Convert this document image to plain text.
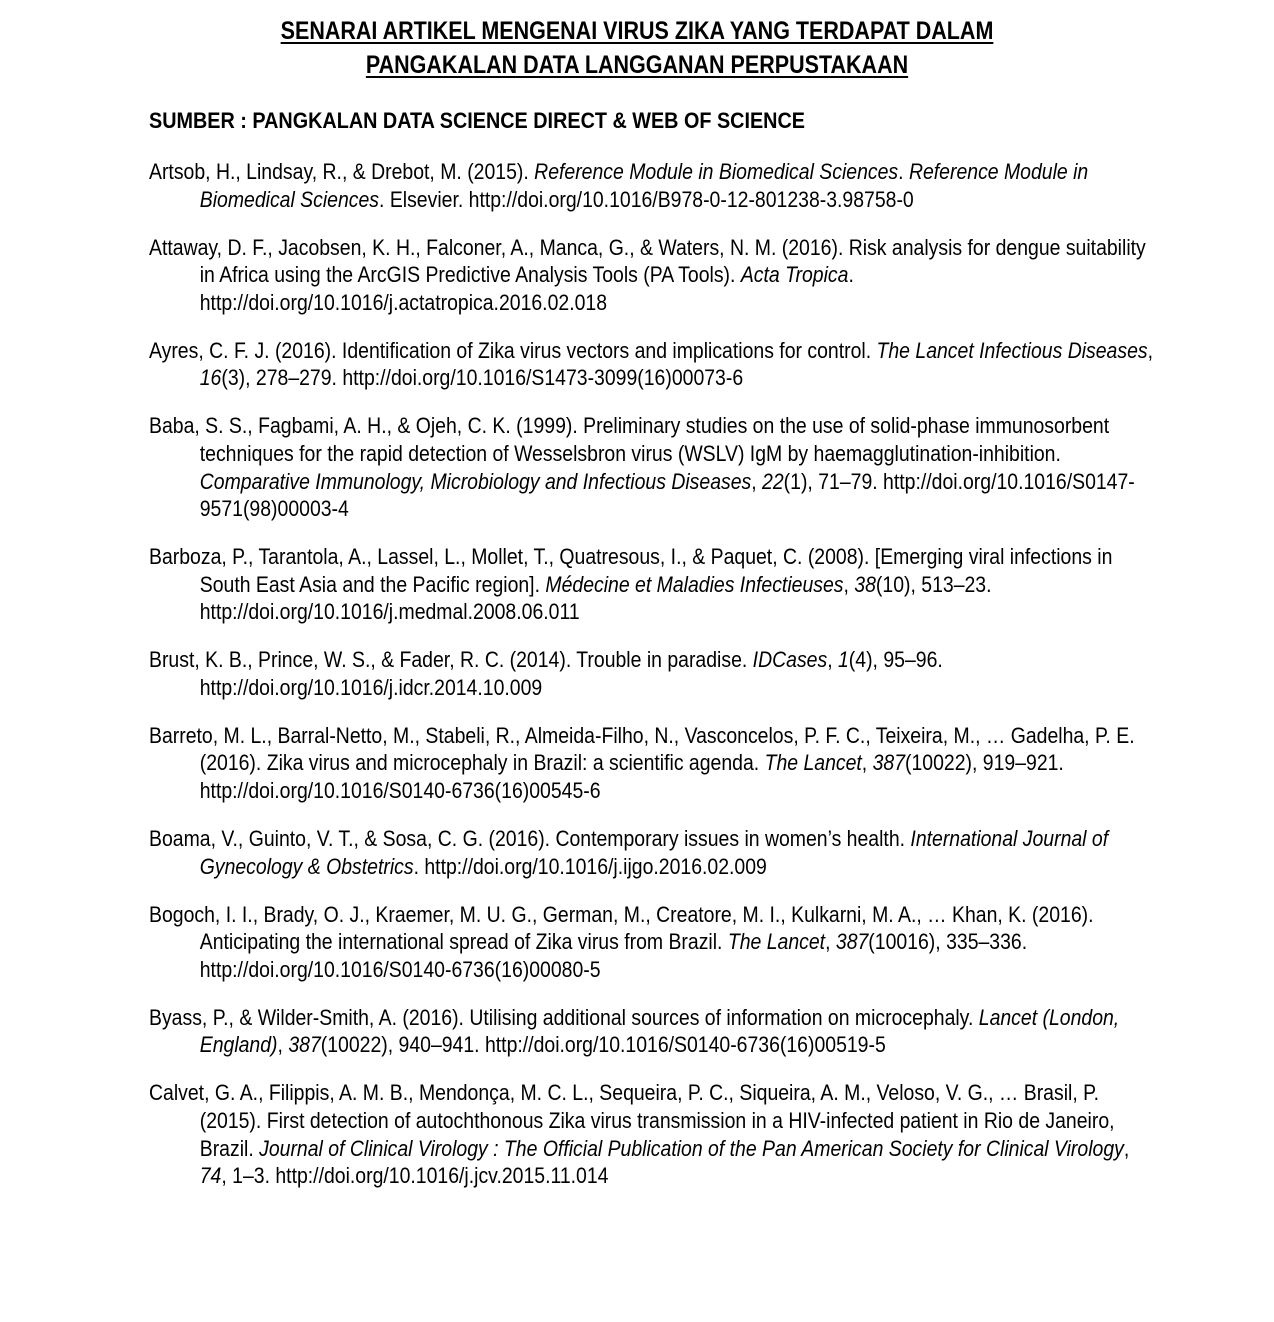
SENARAI ARTIKEL MENGENAI VIRUS ZIKA YANG TERDAPAT DALAM
PANGAKALAN DATA LANGGANAN PERPUSTAKAAN
SUMBER : PANGKALAN DATA SCIENCE DIRECT & WEB OF SCIENCE

Artsob, H., Lindsay, R., & Drebot, M. (2015). Reference Module in Biomedical Sciences. Reference Module in Biomedical Sciences. Elsevier. http://doi.org/10.1016/B978-0-12-801238-3.98758-0

Attaway, D. F., Jacobsen, K. H., Falconer, A., Manca, G., & Waters, N. M. (2016). Risk analysis for dengue suitability in Africa using the ArcGIS Predictive Analysis Tools (PA Tools). Acta Tropica. http://doi.org/10.1016/j.actatropica.2016.02.018

Ayres, C. F. J. (2016). Identification of Zika virus vectors and implications for control. The Lancet Infectious Diseases, 16(3), 278–279. http://doi.org/10.1016/S1473-3099(16)00073-6

Baba, S. S., Fagbami, A. H., & Ojeh, C. K. (1999). Preliminary studies on the use of solid-phase immunosorbent techniques for the rapid detection of Wesselsbron virus (WSLV) IgM by haemagglutination-inhibition. Comparative Immunology, Microbiology and Infectious Diseases, 22(1), 71–79. http://doi.org/10.1016/S0147-9571(98)00003-4

Barboza, P., Tarantola, A., Lassel, L., Mollet, T., Quatresous, I., & Paquet, C. (2008). [Emerging viral infections in South East Asia and the Pacific region]. Médecine et Maladies Infectieuses, 38(10), 513–23. http://doi.org/10.1016/j.medmal.2008.06.011

Brust, K. B., Prince, W. S., & Fader, R. C. (2014). Trouble in paradise. IDCases, 1(4), 95–96. http://doi.org/10.1016/j.idcr.2014.10.009

Barreto, M. L., Barral-Netto, M., Stabeli, R., Almeida-Filho, N., Vasconcelos, P. F. C., Teixeira, M., … Gadelha, P. E. (2016). Zika virus and microcephaly in Brazil: a scientific agenda. The Lancet, 387(10022), 919–921. http://doi.org/10.1016/S0140-6736(16)00545-6

Boama, V., Guinto, V. T., & Sosa, C. G. (2016). Contemporary issues in women’s health. International Journal of Gynecology & Obstetrics. http://doi.org/10.1016/j.ijgo.2016.02.009

Bogoch, I. I., Brady, O. J., Kraemer, M. U. G., German, M., Creatore, M. I., Kulkarni, M. A., … Khan, K. (2016). Anticipating the international spread of Zika virus from Brazil. The Lancet, 387(10016), 335–336. http://doi.org/10.1016/S0140-6736(16)00080-5

Byass, P., & Wilder-Smith, A. (2016). Utilising additional sources of information on microcephaly. Lancet (London, England), 387(10022), 940–941. http://doi.org/10.1016/S0140-6736(16)00519-5

Calvet, G. A., Filippis, A. M. B., Mendonça, M. C. L., Sequeira, P. C., Siqueira, A. M., Veloso, V. G., … Brasil, P. (2015). First detection of autochthonous Zika virus transmission in a HIV-infected patient in Rio de Janeiro, Brazil. Journal of Clinical Virology : The Official Publication of the Pan American Society for Clinical Virology, 74, 1–3. http://doi.org/10.1016/j.jcv.2015.11.014
